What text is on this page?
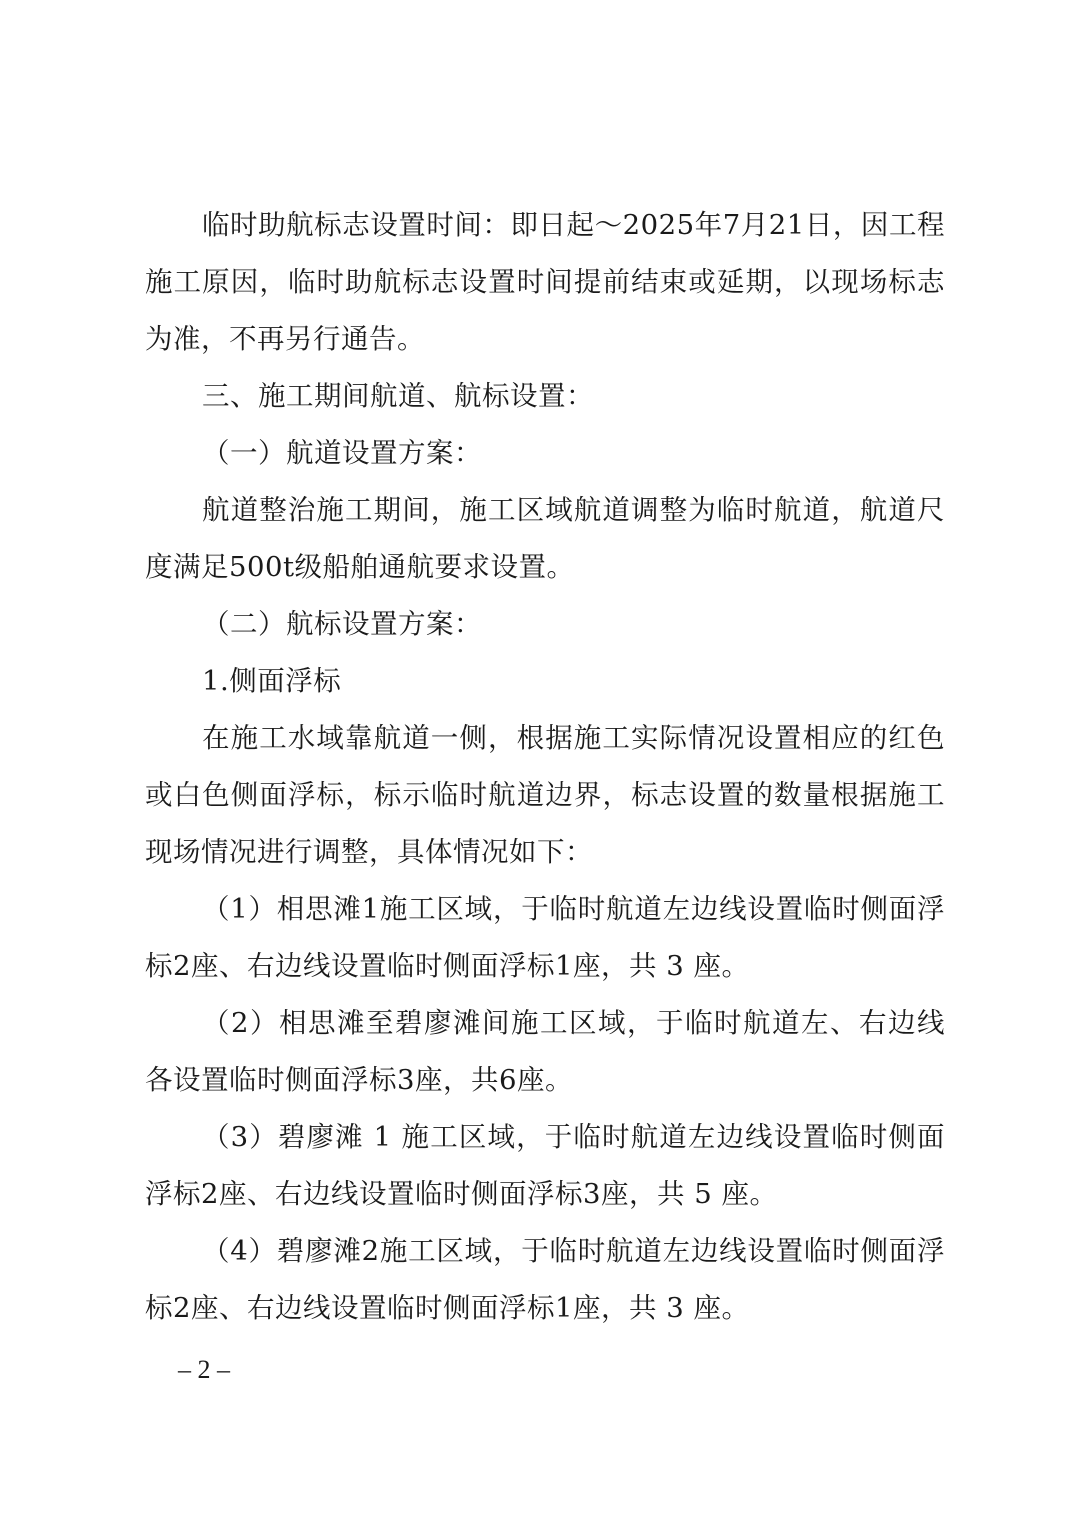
临时助航标志设置时间：即日起～2025年7月21日，因工程施工原因，临时助航标志设置时间提前结束或延期，以现场标志为准，不再另行通告。

三、施工期间航道、航标设置：

（一）航道设置方案：

航道整治施工期间，施工区域航道调整为临时航道，航道尺度满足500t级船舶通航要求设置。

（二）航标设置方案：

1.侧面浮标

在施工水域靠航道一侧，根据施工实际情况设置相应的红色或白色侧面浮标，标示临时航道边界，标志设置的数量根据施工现场情况进行调整，具体情况如下：

（1）相思滩1施工区域，于临时航道左边线设置临时侧面浮标2座、右边线设置临时侧面浮标1座，共 3 座。

（2）相思滩至碧廖滩间施工区域，于临时航道左、右边线各设置临时侧面浮标3座，共6座。

（3）碧廖滩 1 施工区域，于临时航道左边线设置临时侧面浮标2座、右边线设置临时侧面浮标3座，共 5 座。

（4）碧廖滩2施工区域，于临时航道左边线设置临时侧面浮标2座、右边线设置临时侧面浮标1座，共 3 座。

– 2 –
